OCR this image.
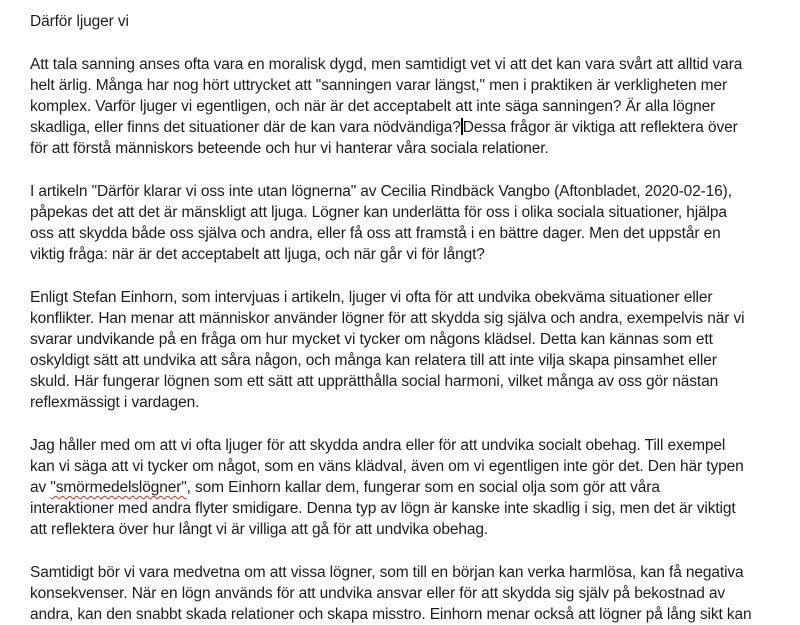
Därför ljuger vi
Att tala sanning anses ofta vara en moralisk dygd, men samtidigt vet vi att det kan vara svårt att alltid vara
helt ärlig. Många har nog hört uttrycket att "sanningen varar längst," men i praktiken är verkligheten mer
komplex. Varför ljuger vi egentligen, och när är det acceptabelt att inte säga sanningen? Är alla lögner
skadliga, eller finns det situationer där de kan vara nödvändiga? Dessa frågor är viktiga att reflektera över
för att förstå människors beteende och hur vi hanterar våra sociala relationer.
I artikeln "Därför klarar vi oss inte utan lögnerna" av Cecilia Rindbäck Vangbo (Aftonbladet, 2020-02-16),
påpekas det att det är mänskligt att ljuga. Lögner kan underlätta för oss i olika sociala situationer, hjälpa
oss att skydda både oss själva och andra, eller få oss att framstå i en bättre dager. Men det uppstår en
viktig fråga: när är det acceptabelt att ljuga, och när går vi för långt?
Enligt Stefan Einhorn, som intervjuas i artikeln, ljuger vi ofta för att undvika obekväma situationer eller
konflikter. Han menar att människor använder lögner för att skydda sig själva och andra, exempelvis när vi
svarar undvikande på en fråga om hur mycket vi tycker om någons klädsel. Detta kan kännas som ett
oskyldigt sätt att undvika att såra någon, och många kan relatera till att inte vilja skapa pinsamhet eller
skuld. Här fungerar lögnen som ett sätt att upprätthålla social harmoni, vilket många av oss gör nästan
reflexmässigt i vardagen.
Jag håller med om att vi ofta ljuger för att skydda andra eller för att undvika socialt obehag. Till exempel
kan vi säga att vi tycker om något, som en väns klädval, även om vi egentligen inte gör det. Den här typen
av "smörmedelslögner", som Einhorn kallar dem, fungerar som en social olja som gör att våra
interaktioner med andra flyter smidigare. Denna typ av lögn är kanske inte skadlig i sig, men det är viktigt
att reflektera över hur långt vi är villiga att gå för att undvika obehag.
Samtidigt bör vi vara medvetna om att vissa lögner, som till en början kan verka harmlösa, kan få negativa
konsekvenser. När en lögn används för att undvika ansvar eller för att skydda sig själv på bekostnad av
andra, kan den snabbt skada relationer och skapa misstro. Einhorn menar också att lögner på lång sikt kan
